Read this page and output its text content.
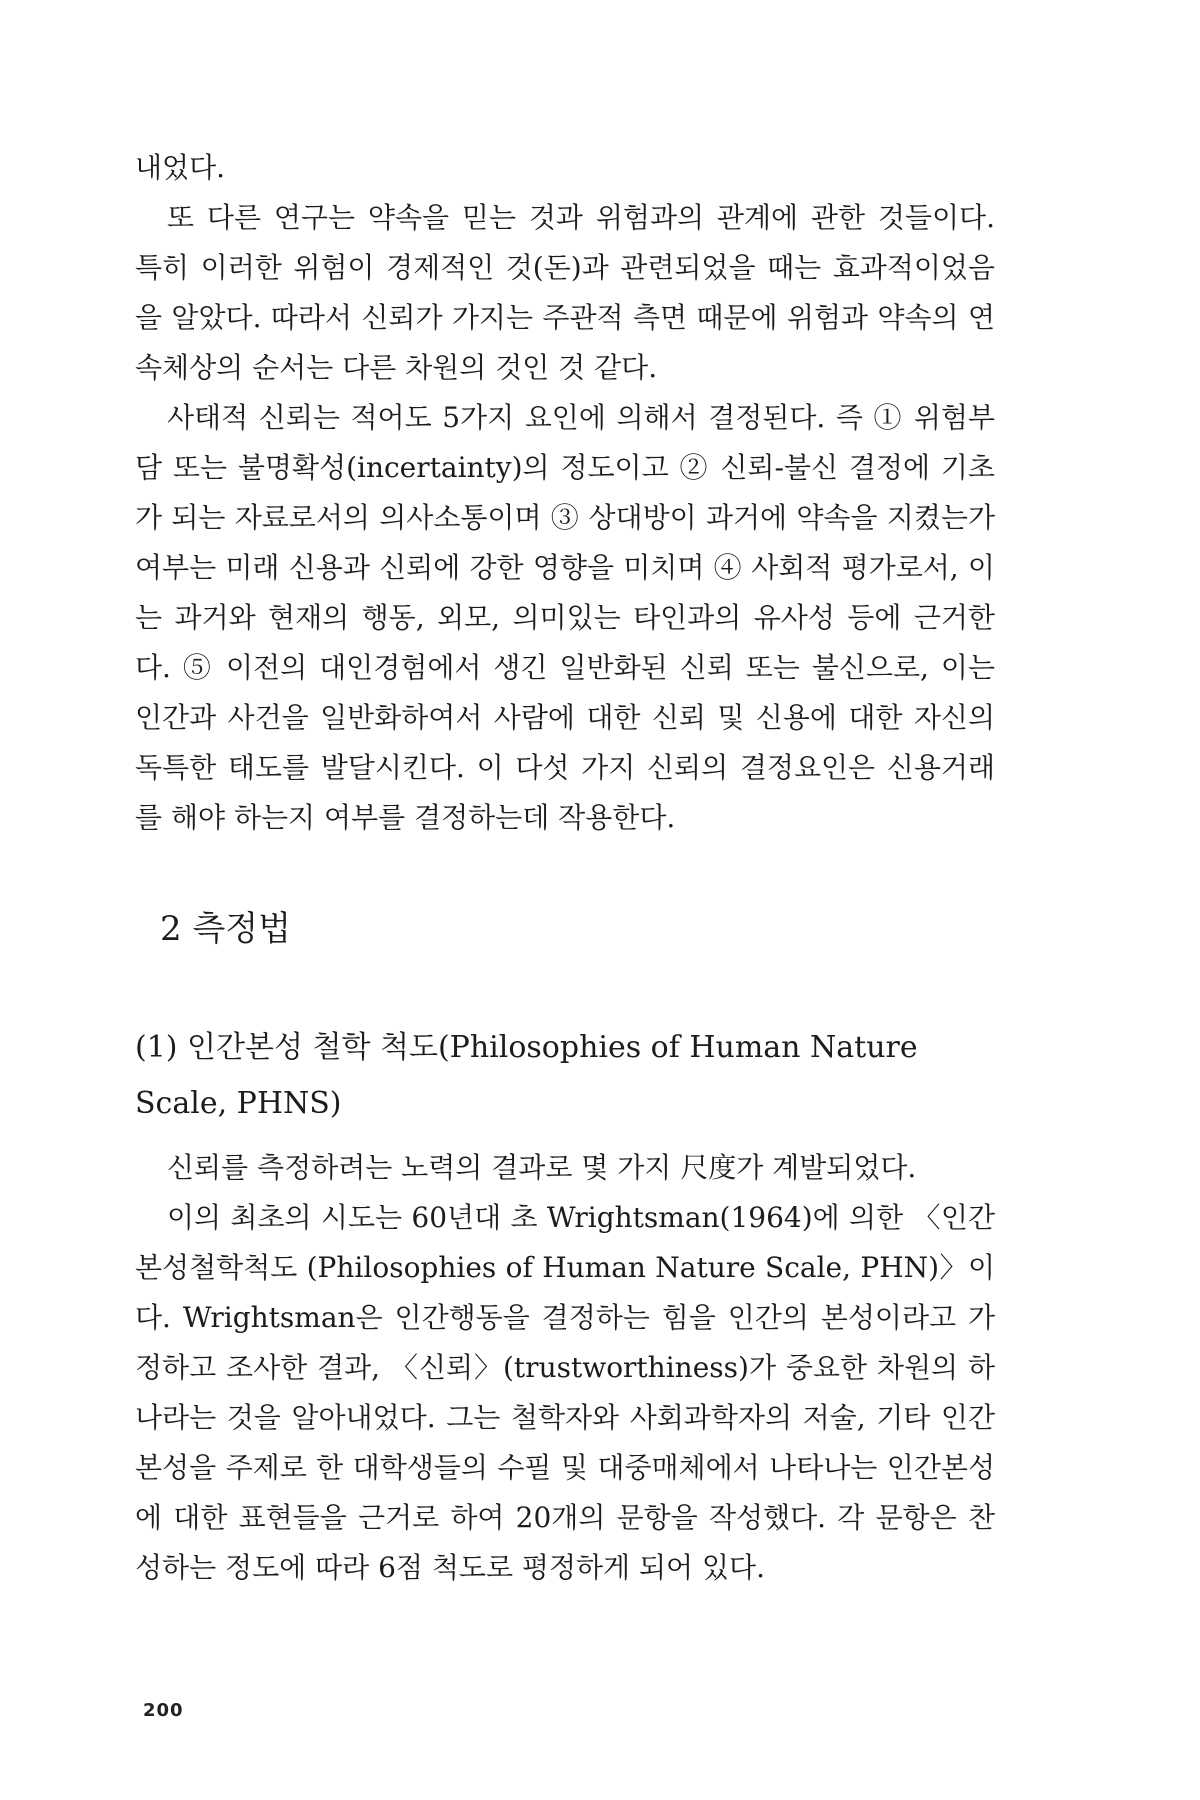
내었다.

또 다른 연구는 약속을 믿는 것과 위험과의 관계에 관한 것들이다. 특히 이러한 위험이 경제적인 것(돈)과 관련되었을 때는 효과적이었음을 알았다. 따라서 신뢰가 가지는 주관적 측면 때문에 위험과 약속의 연속체상의 순서는 다른 차원의 것인 것 같다.

사태적 신뢰는 적어도 5가지 요인에 의해서 결정된다. 즉 ① 위험부담 또는 불명확성(incertainty)의 정도이고 ② 신뢰-불신 결정에 기초가 되는 자료로서의 의사소통이며 ③ 상대방이 과거에 약속을 지켰는가 여부는 미래 신용과 신뢰에 강한 영향을 미치며 ④ 사회적 평가로서, 이는 과거와 현재의 행동, 외모, 의미있는 타인과의 유사성 등에 근거한다. ⑤ 이전의 대인경험에서 생긴 일반화된 신뢰 또는 불신으로, 이는 인간과 사건을 일반화하여서 사람에 대한 신뢰 및 신용에 대한 자신의 독특한 태도를 발달시킨다. 이 다섯 가지 신뢰의 결정요인은 신용거래를 해야 하는지 여부를 결정하는데 작용한다.

2 측정법
(1) 인간본성 철학 척도(Philosophies of Human Nature Scale, PHNS)

신뢰를 측정하려는 노력의 결과로 몇 가지 尺度가 계발되었다.

이의 최초의 시도는 60년대 초 Wrightsman(1964)에 의한 〈인간본성철학척도 (Philosophies of Human Nature Scale, PHN)〉이 다. Wrightsman은 인간행동을 결정하는 힘을 인간의 본성이라고 가정하고 조사한 결과, 〈신뢰〉(trustworthiness)가 중요한 차원의 하나라는 것을 알아내었다. 그는 철학자와 사회과학자의 저술, 기타 인간본성을 주제로 한 대학생들의 수필 및 대중매체에서 나타나는 인간본성에 대한 표현들을 근거로 하여 20개의 문항을 작성했다. 각 문항은 찬성하는 정도에 따라 6점 척도로 평정하게 되어 있다.

200
